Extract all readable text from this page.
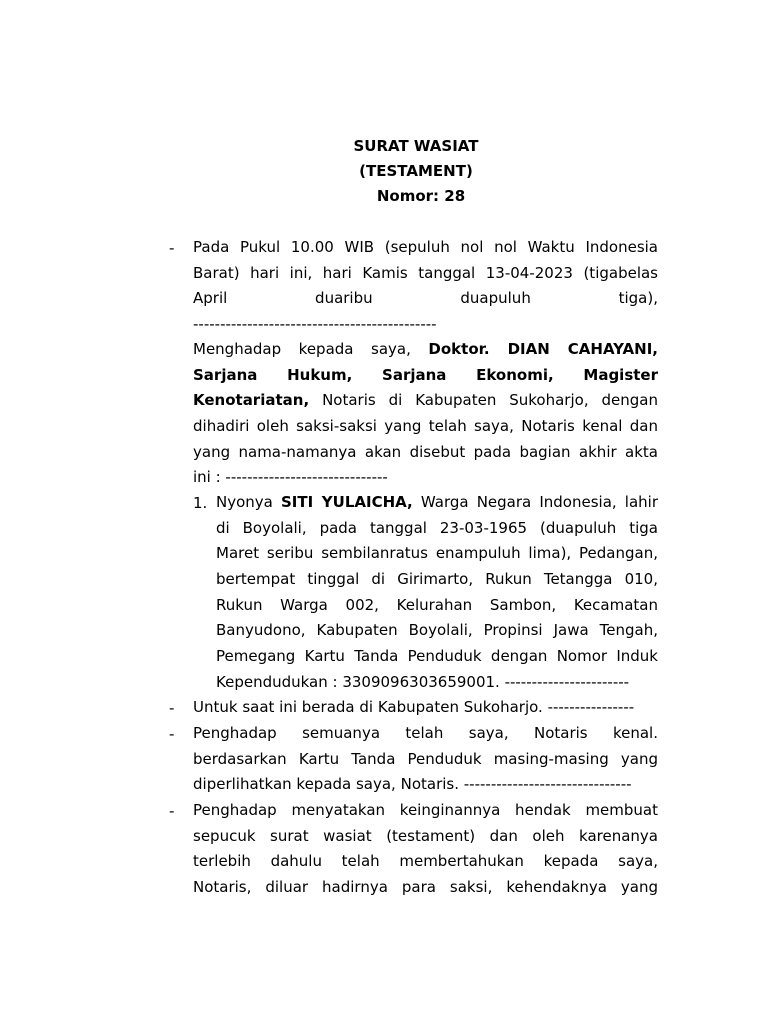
SURAT WASIAT
(TESTAMENT)
Nomor: 28
- Pada Pukul 10.00 WIB (sepuluh nol nol Waktu Indonesia
Barat) hari ini, hari Kamis tanggal 13-04-2023 (tigabelas
April	duaribu	duapuluh	tiga),
---------------------------------------------
Menghadap kepada saya, Doktor. DIAN CAHAYANI,
Sarjana Hukum, Sarjana Ekonomi, Magister
Kenotariatan, Notaris di Kabupaten Sukoharjo, dengan
dihadiri oleh saksi-saksi yang telah saya, Notaris kenal dan
yang nama-namanya akan disebut pada bagian akhir akta
ini : ------------------------------
1. Nyonya SITI YULAICHA, Warga Negara Indonesia, lahir
di Boyolali, pada tanggal 23-03-1965 (duapuluh tiga
Maret seribu sembilanratus enampuluh lima), Pedangan,
bertempat tinggal di Girimarto, Rukun Tetangga 010,
Rukun Warga 002, Kelurahan Sambon, Kecamatan
Banyudono, Kabupaten Boyolali, Propinsi Jawa Tengah,
Pemegang Kartu Tanda Penduduk dengan Nomor Induk
Kependudukan : 3309096303659001. -----------------------
- Untuk saat ini berada di Kabupaten Sukoharjo. ----------------
- Penghadap semuanya telah saya, Notaris kenal.
berdasarkan Kartu Tanda Penduduk masing-masing yang
diperlihatkan kepada saya, Notaris. -------------------------------
- Penghadap menyatakan keinginannya hendak membuat
sepucuk surat wasiat (testament) dan oleh karenanya
terlebih dahulu telah membertahukan kepada saya,
Notaris, diluar hadirnya para saksi, kehendaknya yang
